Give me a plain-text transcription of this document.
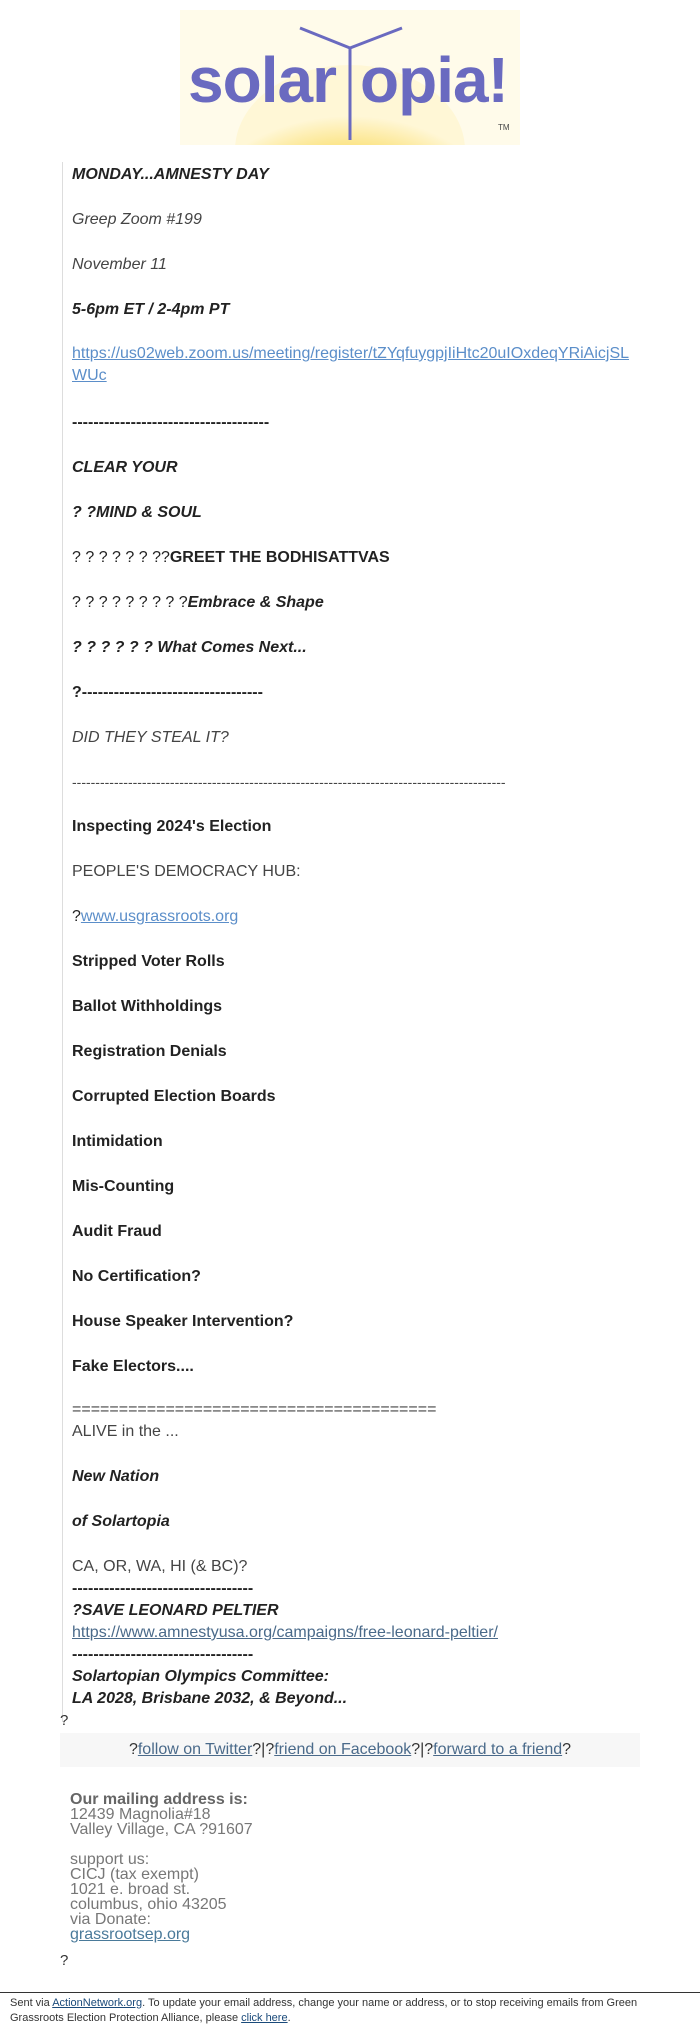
solar opia!
TM

MONDAY...AMNESTY DAY

Greep Zoom #199

November 11

5-6pm ET / 2-4pm PT

https://us02web.zoom.us/meeting/register/tZYqfuygpjIiHtc20uIOxdeqYRiAicjSLWUc

-------------------------------------

CLEAR YOUR

? ?MIND & SOUL

? ? ? ? ? ? ??GREET THE BODHISATTVAS

? ? ? ? ? ? ? ? ?Embrace & Shape

? ? ? ? ? ? What Comes Next...

?----------------------------------

DID THEY STEAL IT?

---------------------------------------------------------------------------------------------

Inspecting 2024's Election

PEOPLE'S DEMOCRACY HUB:

?www.usgrassroots.org

Stripped Voter Rolls

Ballot Withholdings

Registration Denials

Corrupted Election Boards

Intimidation

Mis-Counting

Audit Fraud

No Certification?

House Speaker Intervention?

Fake Electors....

=======================================

ALIVE in the ...

New Nation

of Solartopia

CA, OR, WA, HI (& BC)?

----------------------------------

?SAVE LEONARD PELTIER

https://www.amnestyusa.org/campaigns/free-leonard-peltier/

----------------------------------

Solartopian Olympics Committee:

LA 2028, Brisbane 2032, & Beyond...

?
?follow on Twitter?|?friend on Facebook?|?forward to a friend?
Our mailing address is:
12439 Magnolia#18
Valley Village, CA ?91607
support us:
CICJ (tax exempt)
1021 e. broad st.
columbus, ohio 43205
via Donate:
grassrootsep.org
?
Sent via ActionNetwork.org. To update your email address, change your name or address, or to stop receiving emails from Green Grassroots Election Protection Alliance, please click here.
